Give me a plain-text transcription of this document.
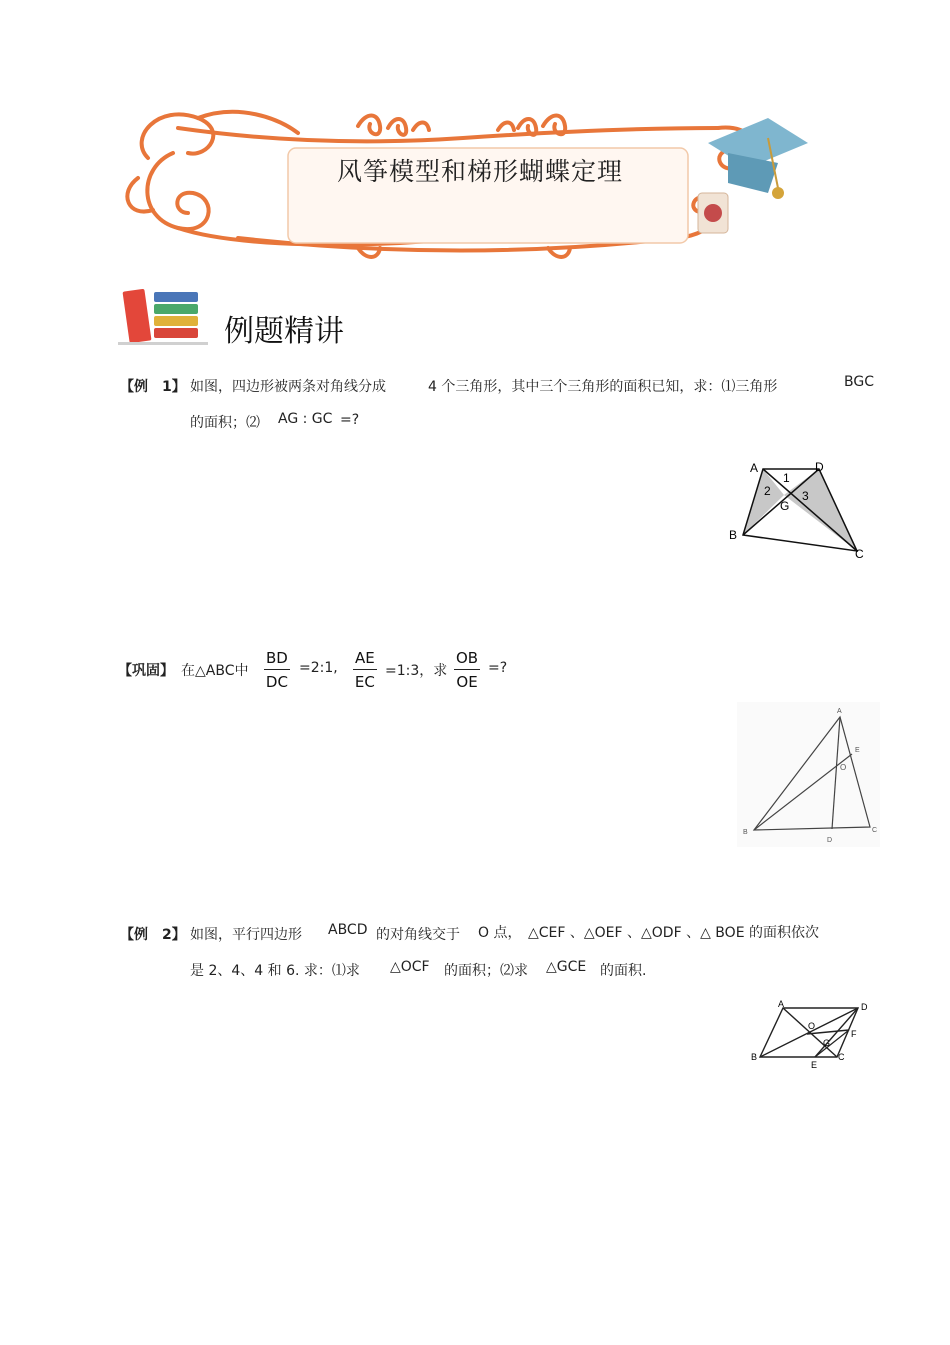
风筝模型和梯形蝴蝶定理
例题精讲
【例　1】 如图，四边形被两条对角线分成	4 个三角形，其中三个三角形的面积已知，求：⑴三角形	BGC
的面积；⑵ AG : GC =?
A	D
B
C
G
1
2	3
【巩固】 在△ABC中 $\frac{BD}{DC}$ =2:1, $\frac{AE}{EC}$ =1:3，求 $\frac{OB}{OE}$ =?
A
E
O
B	C
D
【例　2】 如图，平行四边形 ABCD 的对角线交于 O 点， △CEF 、△OEF 、△ODF 、△ BOE 的面积依次
是 2、4、4 和 6. 求：⑴求 △OCF 的面积；⑵求 △GCE 的面积.
A	D
B	C
E
F
G
O
